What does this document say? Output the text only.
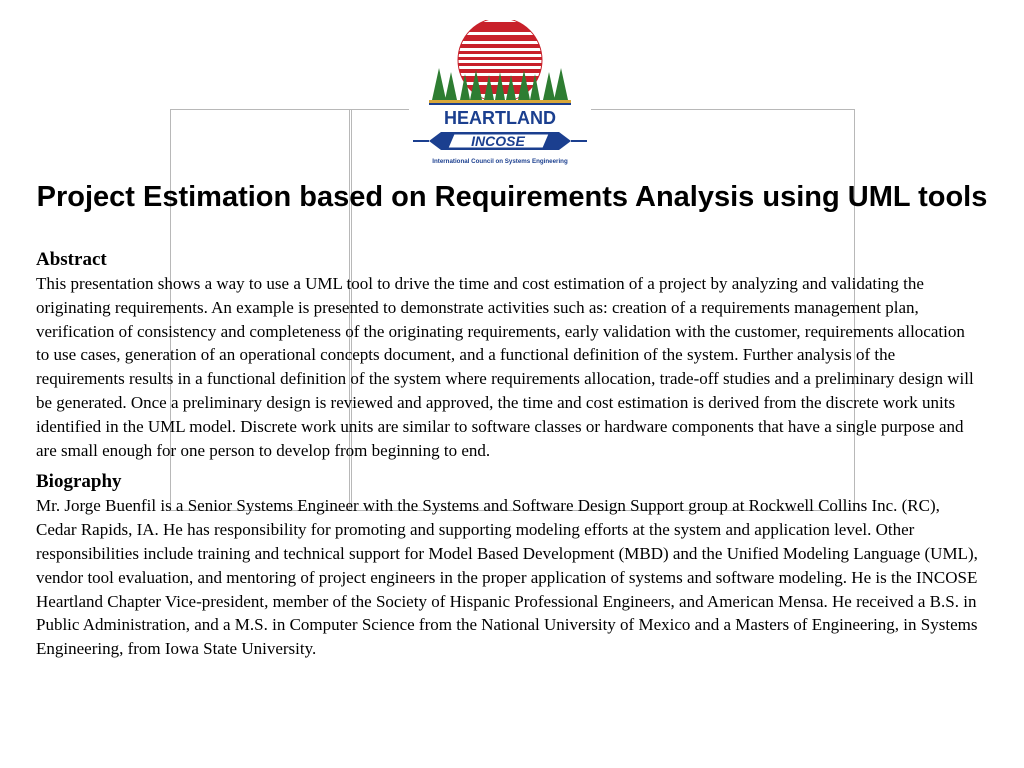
HEARTLAND
INCOSE
International Council on Systems Engineering
Project Estimation based on Requirements Analysis using UML tools
Abstract

This presentation shows a way to use a UML tool to drive the time and cost estimation of a project by analyzing and validating the originating requirements. An example is presented to demonstrate activities such as: creation of a requirements management plan, verification of consistency and completeness of the originating requirements, early validation with the customer, requirements allocation to use cases, generation of an operational concepts document, and a functional definition of the system. Further analysis of the requirements results in a functional definition of the system where requirements allocation, trade-off studies and a preliminary design will be generated. Once a preliminary design is reviewed and approved, the time and cost estimation is derived from the discrete work units identified in the UML model. Discrete work units are similar to software classes or hardware components that have a single purpose and are small enough for one person to develop from beginning to end.

Biography

Mr. Jorge Buenfil is a Senior Systems Engineer with the Systems and Software Design Support group at Rockwell Collins Inc. (RC), Cedar Rapids, IA. He has responsibility for promoting and supporting modeling efforts at the system and application level. Other responsibilities include training and technical support for Model Based Development (MBD) and the Unified Modeling Language (UML), vendor tool evaluation, and mentoring of project engineers in the proper application of systems and software modeling. He is the INCOSE Heartland Chapter Vice-president, member of the Society of Hispanic Professional Engineers, and American Mensa. He received a B.S. in Public Administration, and a M.S. in Computer Science from the National University of Mexico and a Masters of Engineering, in Systems Engineering, from Iowa State University.
